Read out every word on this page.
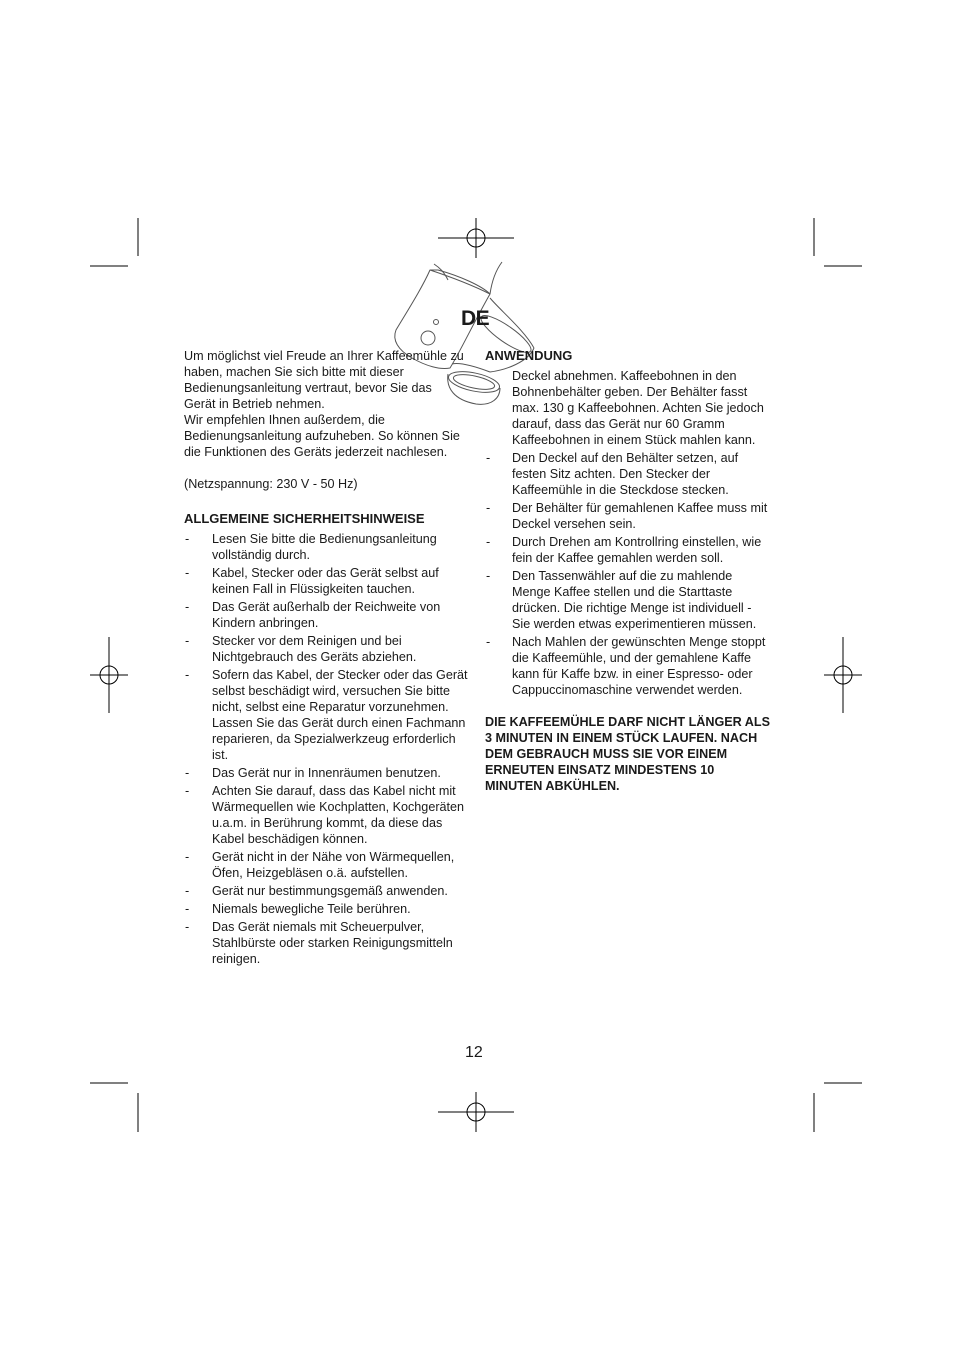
DE

Um möglichst viel Freude an Ihrer Kaffeemühle zu haben, machen Sie sich bitte mit dieser Bedienungsanleitung vertraut, bevor Sie das Gerät in Betrieb nehmen.

Wir empfehlen Ihnen außerdem, die Bedienungsanleitung aufzuheben. So können Sie die Funktionen des Geräts jederzeit nachlesen.

(Netzspannung: 230 V - 50 Hz)

ALLGEMEINE SICHERHEITSHINWEISE
- Lesen Sie bitte die Bedienungsanleitung vollständig durch.
- Kabel, Stecker oder das Gerät selbst auf keinen Fall in Flüssigkeiten tauchen.
- Das Gerät außerhalb der Reichweite von Kindern anbringen.
- Stecker vor dem Reinigen und bei Nichtgebrauch des Geräts abziehen.
- Sofern das Kabel, der Stecker oder das Gerät selbst beschädigt wird, versuchen Sie bitte nicht, selbst eine Reparatur vorzunehmen. Lassen Sie das Gerät durch einen Fachmann reparieren, da Spezialwerkzeug erforderlich ist.
- Das Gerät nur in Innenräumen benutzen.
- Achten Sie darauf, dass das Kabel nicht mit Wärmequellen wie Kochplatten, Kochgeräten u.a.m. in Berührung kommt, da diese das Kabel beschädigen können.
- Gerät nicht in der Nähe von Wärmequellen, Öfen, Heizgebläsen o.ä. aufstellen.
- Gerät nur bestimmungsgemäß anwenden.
- Niemals bewegliche Teile berühren.
- Das Gerät niemals mit Scheuerpulver, Stahlbürste oder starken Reinigungsmitteln reinigen.
ANWENDUNG
Deckel abnehmen. Kaffeebohnen in den Bohnenbehälter geben. Der Behälter fasst max. 130 g Kaffeebohnen. Achten Sie jedoch darauf, dass das Gerät nur 60 Gramm Kaffeebohnen in einem Stück mahlen kann.
- Den Deckel auf den Behälter setzen, auf festen Sitz achten. Den Stecker der Kaffeemühle in die Steckdose stecken.
- Der Behälter für gemahlenen Kaffee muss mit Deckel versehen sein.
- Durch Drehen am Kontrollring einstellen, wie fein der Kaffee gemahlen werden soll.
- Den Tassenwähler auf die zu mahlende Menge Kaffee stellen und die Starttaste drücken. Die richtige Menge ist individuell - Sie werden etwas experimentieren müssen.
- Nach Mahlen der gewünschten Menge stoppt die Kaffeemühle, und der gemahlene Kaffe kann für Kaffe bzw. in einer Espresso- oder Cappuccinomaschine verwendet werden.

DIE KAFFEEMÜHLE DARF NICHT LÄNGER ALS 3 MINUTEN IN EINEM STÜCK LAUFEN. NACH DEM GEBRAUCH MUSS SIE VOR EINEM ERNEUTEN EINSATZ MINDESTENS 10 MINUTEN ABKÜHLEN.

12
